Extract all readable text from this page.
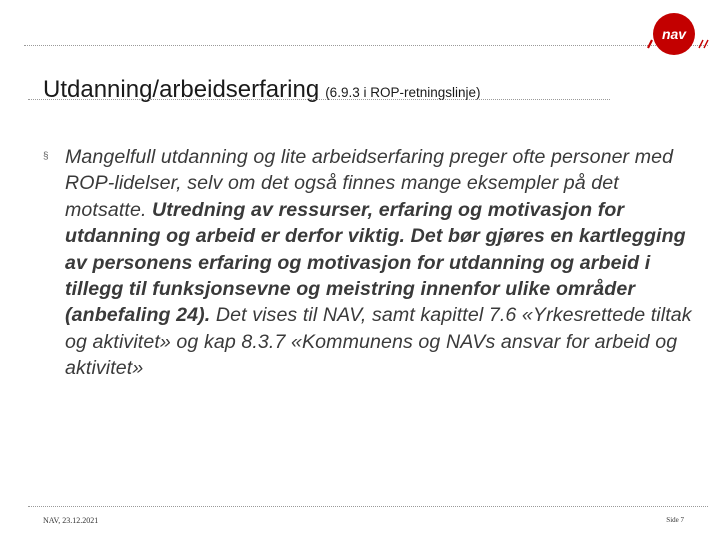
nav
Utdanning/arbeidserfaring (6.9.3 i ROP-retningslinje)
§ Mangelfull utdanning og lite arbeidserfaring preger ofte personer med ROP-lidelser, selv om det også finnes mange eksempler på det motsatte. Utredning av ressurser, erfaring og motivasjon for utdanning og arbeid er derfor viktig. Det bør gjøres en kartlegging av personens erfaring og motivasjon for utdanning og arbeid i tillegg til funksjonsevne og meistring innenfor ulike områder (anbefaling 24). Det vises til NAV, samt kapittel 7.6 «Yrkesrettede tiltak og aktivitet» og kap 8.3.7 «Kommunens og NAVs ansvar for arbeid og aktivitet»
NAV, 23.12.2021	Side 7
